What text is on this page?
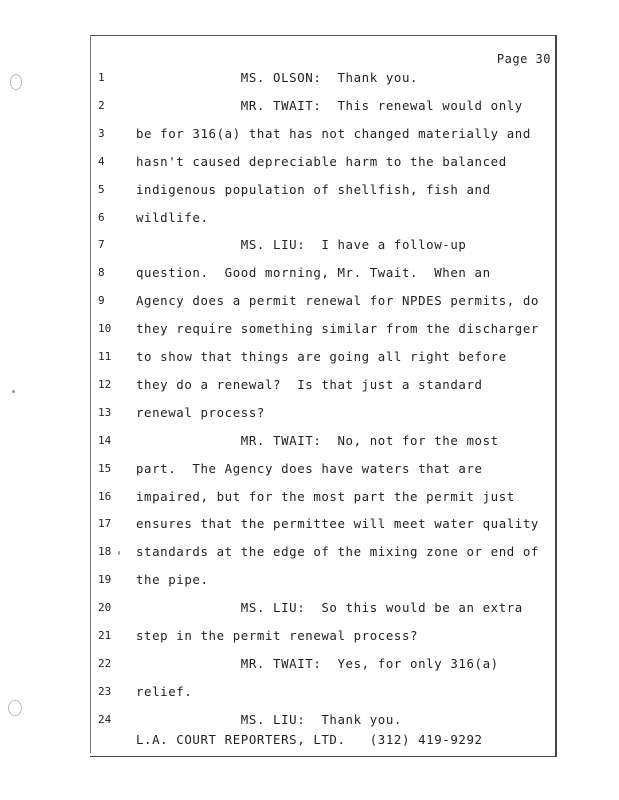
Page 30
1	MS. OLSON:  Thank you.
2	MR. TWAIT:  This renewal would only
3	be for 316(a) that has not changed materially and
4	hasn't caused depreciable harm to the balanced
5	indigenous population of shellfish, fish and
6	wildlife.
7	MS. LIU:  I have a follow-up
8	question.  Good morning, Mr. Twait.  When an
9	Agency does a permit renewal for NPDES permits, do
10 they require something similar from the discharger
11 to show that things are going all right before
12 they do a renewal?  Is that just a standard
13 renewal process?
14 MR. TWAIT:  No, not for the most
15 part.  The Agency does have waters that are
16 impaired, but for the most part the permit just
17 ensures that the permittee will meet water quality
18 standards at the edge of the mixing zone or end of
19 the pipe.
20 MS. LIU:  So this would be an extra
21 step in the permit renewal process?
22 MR. TWAIT:  Yes, for only 316(a)
23 relief.
24 MS. LIU:  Thank you.
L.A. COURT REPORTERS, LTD.   (312) 419-9292
